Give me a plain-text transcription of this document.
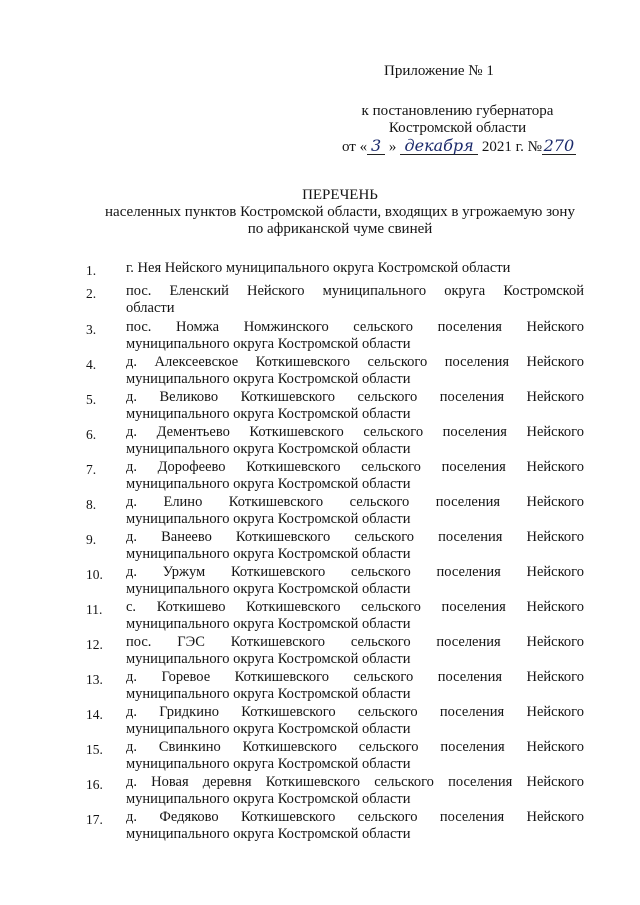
Приложение № 1
к постановлению губернатора
Костромской области
от « 3 » декабря 2021 г. № 270
ПЕРЕЧЕНЬ
населенных пунктов Костромской области, входящих в угрожаемую зону
по африканской чуме свиней
1.	г. Нея Нейского муниципального округа Костромской области
2.	пос. Еленский Нейского муниципального округа Костромской
области
3.	пос. Номжа Номжинского сельского поселения Нейского
муниципального округа Костромской области
4.	д. Алексеевское Коткишевского сельского поселения Нейского
муниципального округа Костромской области
5.	д. Великово Коткишевского сельского поселения Нейского
муниципального округа Костромской области
6.	д. Дементьево Коткишевского сельского поселения Нейского
муниципального округа Костромской области
7.	д. Дорофеево Коткишевского сельского поселения Нейского
муниципального округа Костромской области
8.	д. Елино Коткишевского сельского поселения Нейского
муниципального округа Костромской области
9.	д. Ванеево Коткишевского сельского поселения Нейского
муниципального округа Костромской области
10.	д. Уржум Коткишевского сельского поселения Нейского
муниципального округа Костромской области
11.	с. Коткишево Коткишевского сельского поселения Нейского
муниципального округа Костромской области
12.	пос. ГЭС Коткишевского сельского поселения Нейского
муниципального округа Костромской области
13.	д. Горевое Коткишевского сельского поселения Нейского
муниципального округа Костромской области
14.	д. Гридкино Коткишевского сельского поселения Нейского
муниципального округа Костромской области
15.	д. Свинкино Коткишевского сельского поселения Нейского
муниципального округа Костромской области
16.	д. Новая деревня Коткишевского сельского поселения Нейского
муниципального округа Костромской области
17.	д. Федяково Коткишевского сельского поселения Нейского
муниципального округа Костромской области
